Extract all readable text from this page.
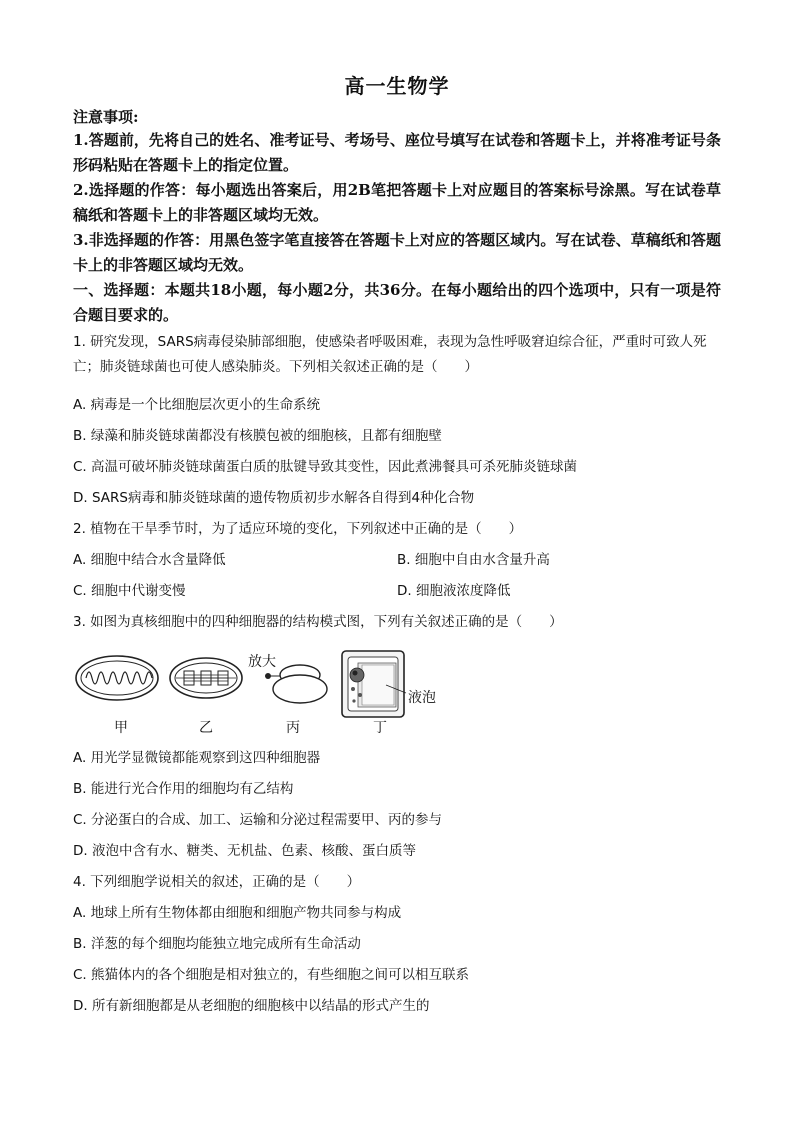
高一生物学
注意事项:
1.答题前，先将自己的姓名、准考证号、考场号、座位号填写在试卷和答题卡上，并将准考证号条形码粘贴在答题卡上的指定位置。
2.选择题的作答：每小题选出答案后，用2B笔把答题卡上对应题目的答案标号涂黑。写在试卷草稿纸和答题卡上的非答题区域均无效。
3.非选择题的作答：用黑色签字笔直接答在答题卡上对应的答题区域内。写在试卷、草稿纸和答题卡上的非答题区域均无效。
一、选择题：本题共18小题，每小题2分，共36分。在每小题给出的四个选项中，只有一项是符合题目要求的。
1. 研究发现，SARS病毒侵染肺部细胞，使感染者呼吸困难，表现为急性呼吸窘迫综合征，严重时可致人死亡；肺炎链球菌也可使人感染肺炎。下列相关叙述正确的是（　　）
A. 病毒是一个比细胞层次更小的生命系统
B. 绿藻和肺炎链球菌都没有核膜包被的细胞核，且都有细胞壁
C. 高温可破坏肺炎链球菌蛋白质的肽键导致其变性，因此煮沸餐具可杀死肺炎链球菌
D. SARS病毒和肺炎链球菌的遗传物质初步水解各自得到4种化合物
2. 植物在干旱季节时，为了适应环境的变化，下列叙述中正确的是（　　）
A. 细胞中结合水含量降低	B. 细胞中自由水含量升高
C. 细胞中代谢变慢	D. 细胞液浓度降低
3. 如图为真核细胞中的四种细胞器的结构模式图，下列有关叙述正确的是（　　）
放大
液泡
甲	乙	丙	丁
A. 用光学显微镜都能观察到这四种细胞器
B. 能进行光合作用的细胞均有乙结构
C. 分泌蛋白的合成、加工、运输和分泌过程需要甲、丙的参与
D. 液泡中含有水、糖类、无机盐、色素、核酸、蛋白质等
4. 下列细胞学说相关的叙述，正确的是（　　）
A. 地球上所有生物体都由细胞和细胞产物共同参与构成
B. 洋葱的每个细胞均能独立地完成所有生命活动
C. 熊猫体内的各个细胞是相对独立的，有些细胞之间可以相互联系
D. 所有新细胞都是从老细胞的细胞核中以结晶的形式产生的
